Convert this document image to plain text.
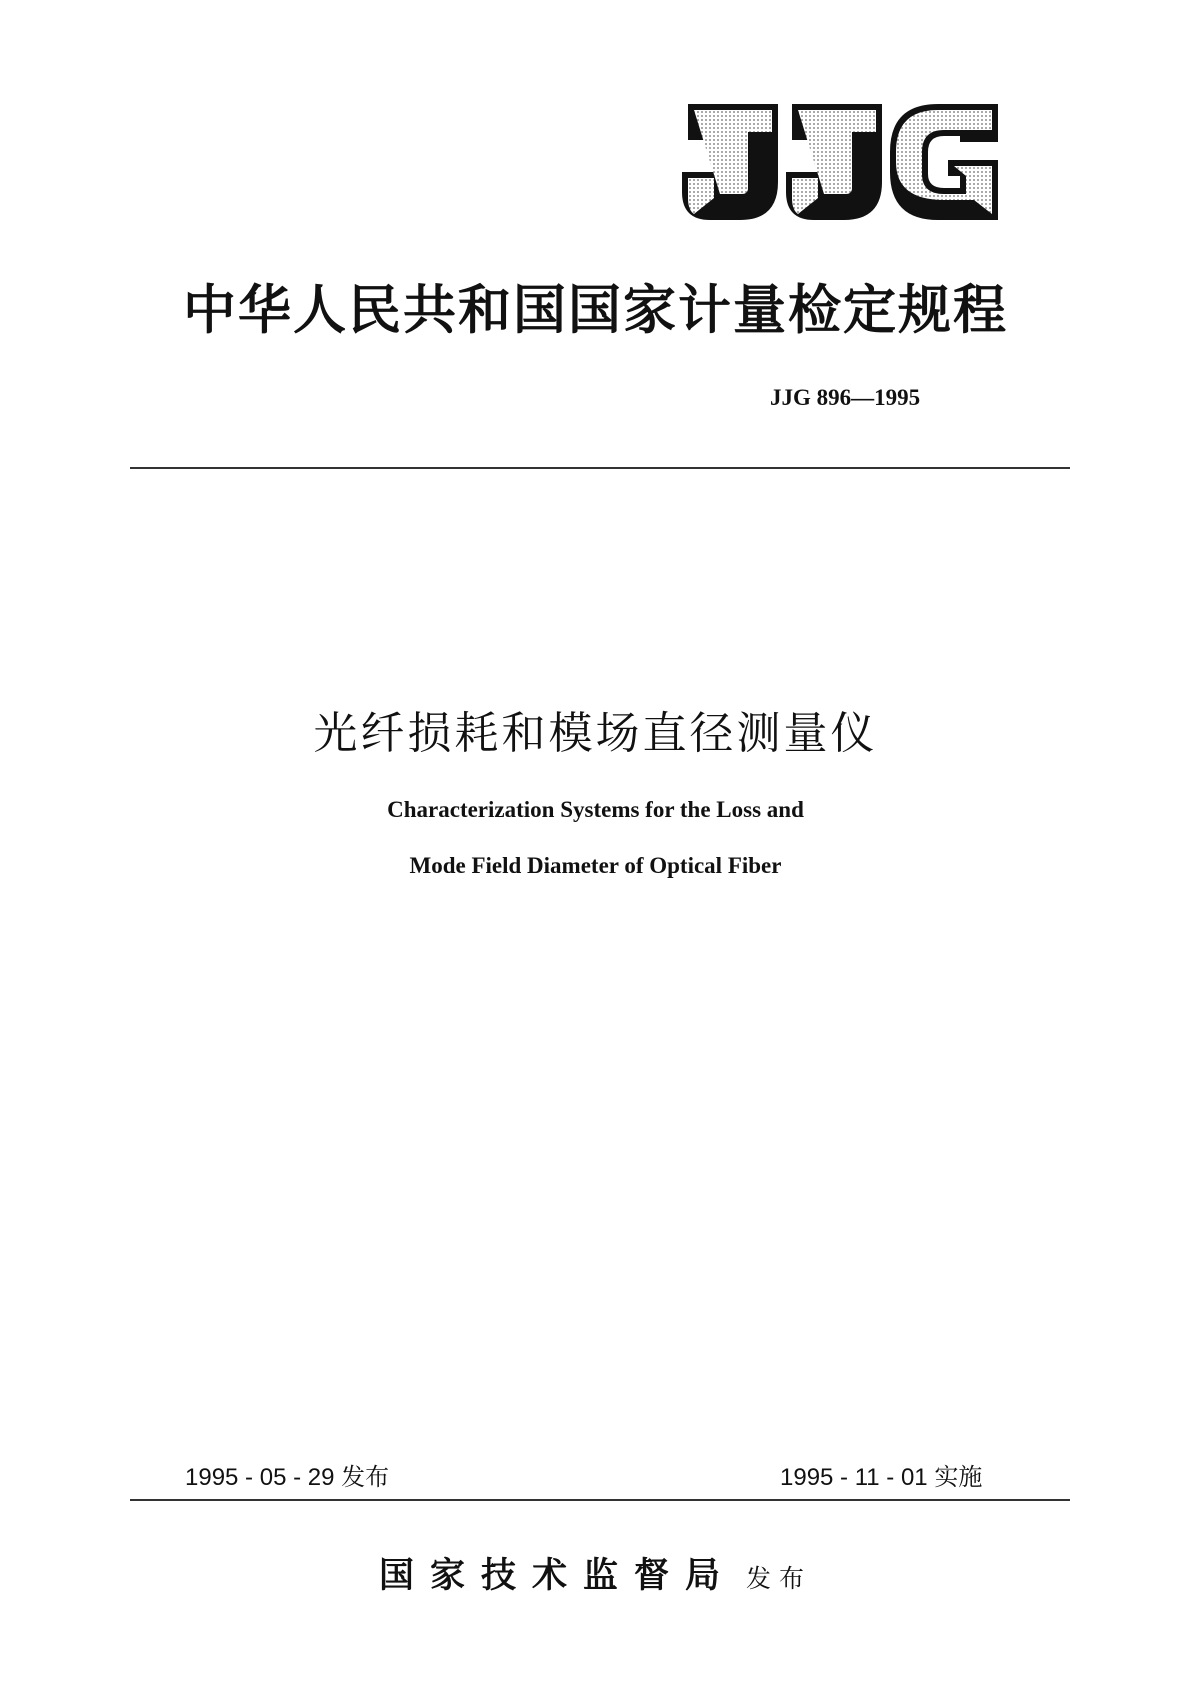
中华人民共和国国家计量检定规程
JJG 896—1995
光纤损耗和模场直径测量仪
Characterization Systems for the Loss and
Mode Field Diameter of Optical Fiber
1995 - 05 - 29 发布	1995 - 11 - 01 实施
国家技术监督局 发布
